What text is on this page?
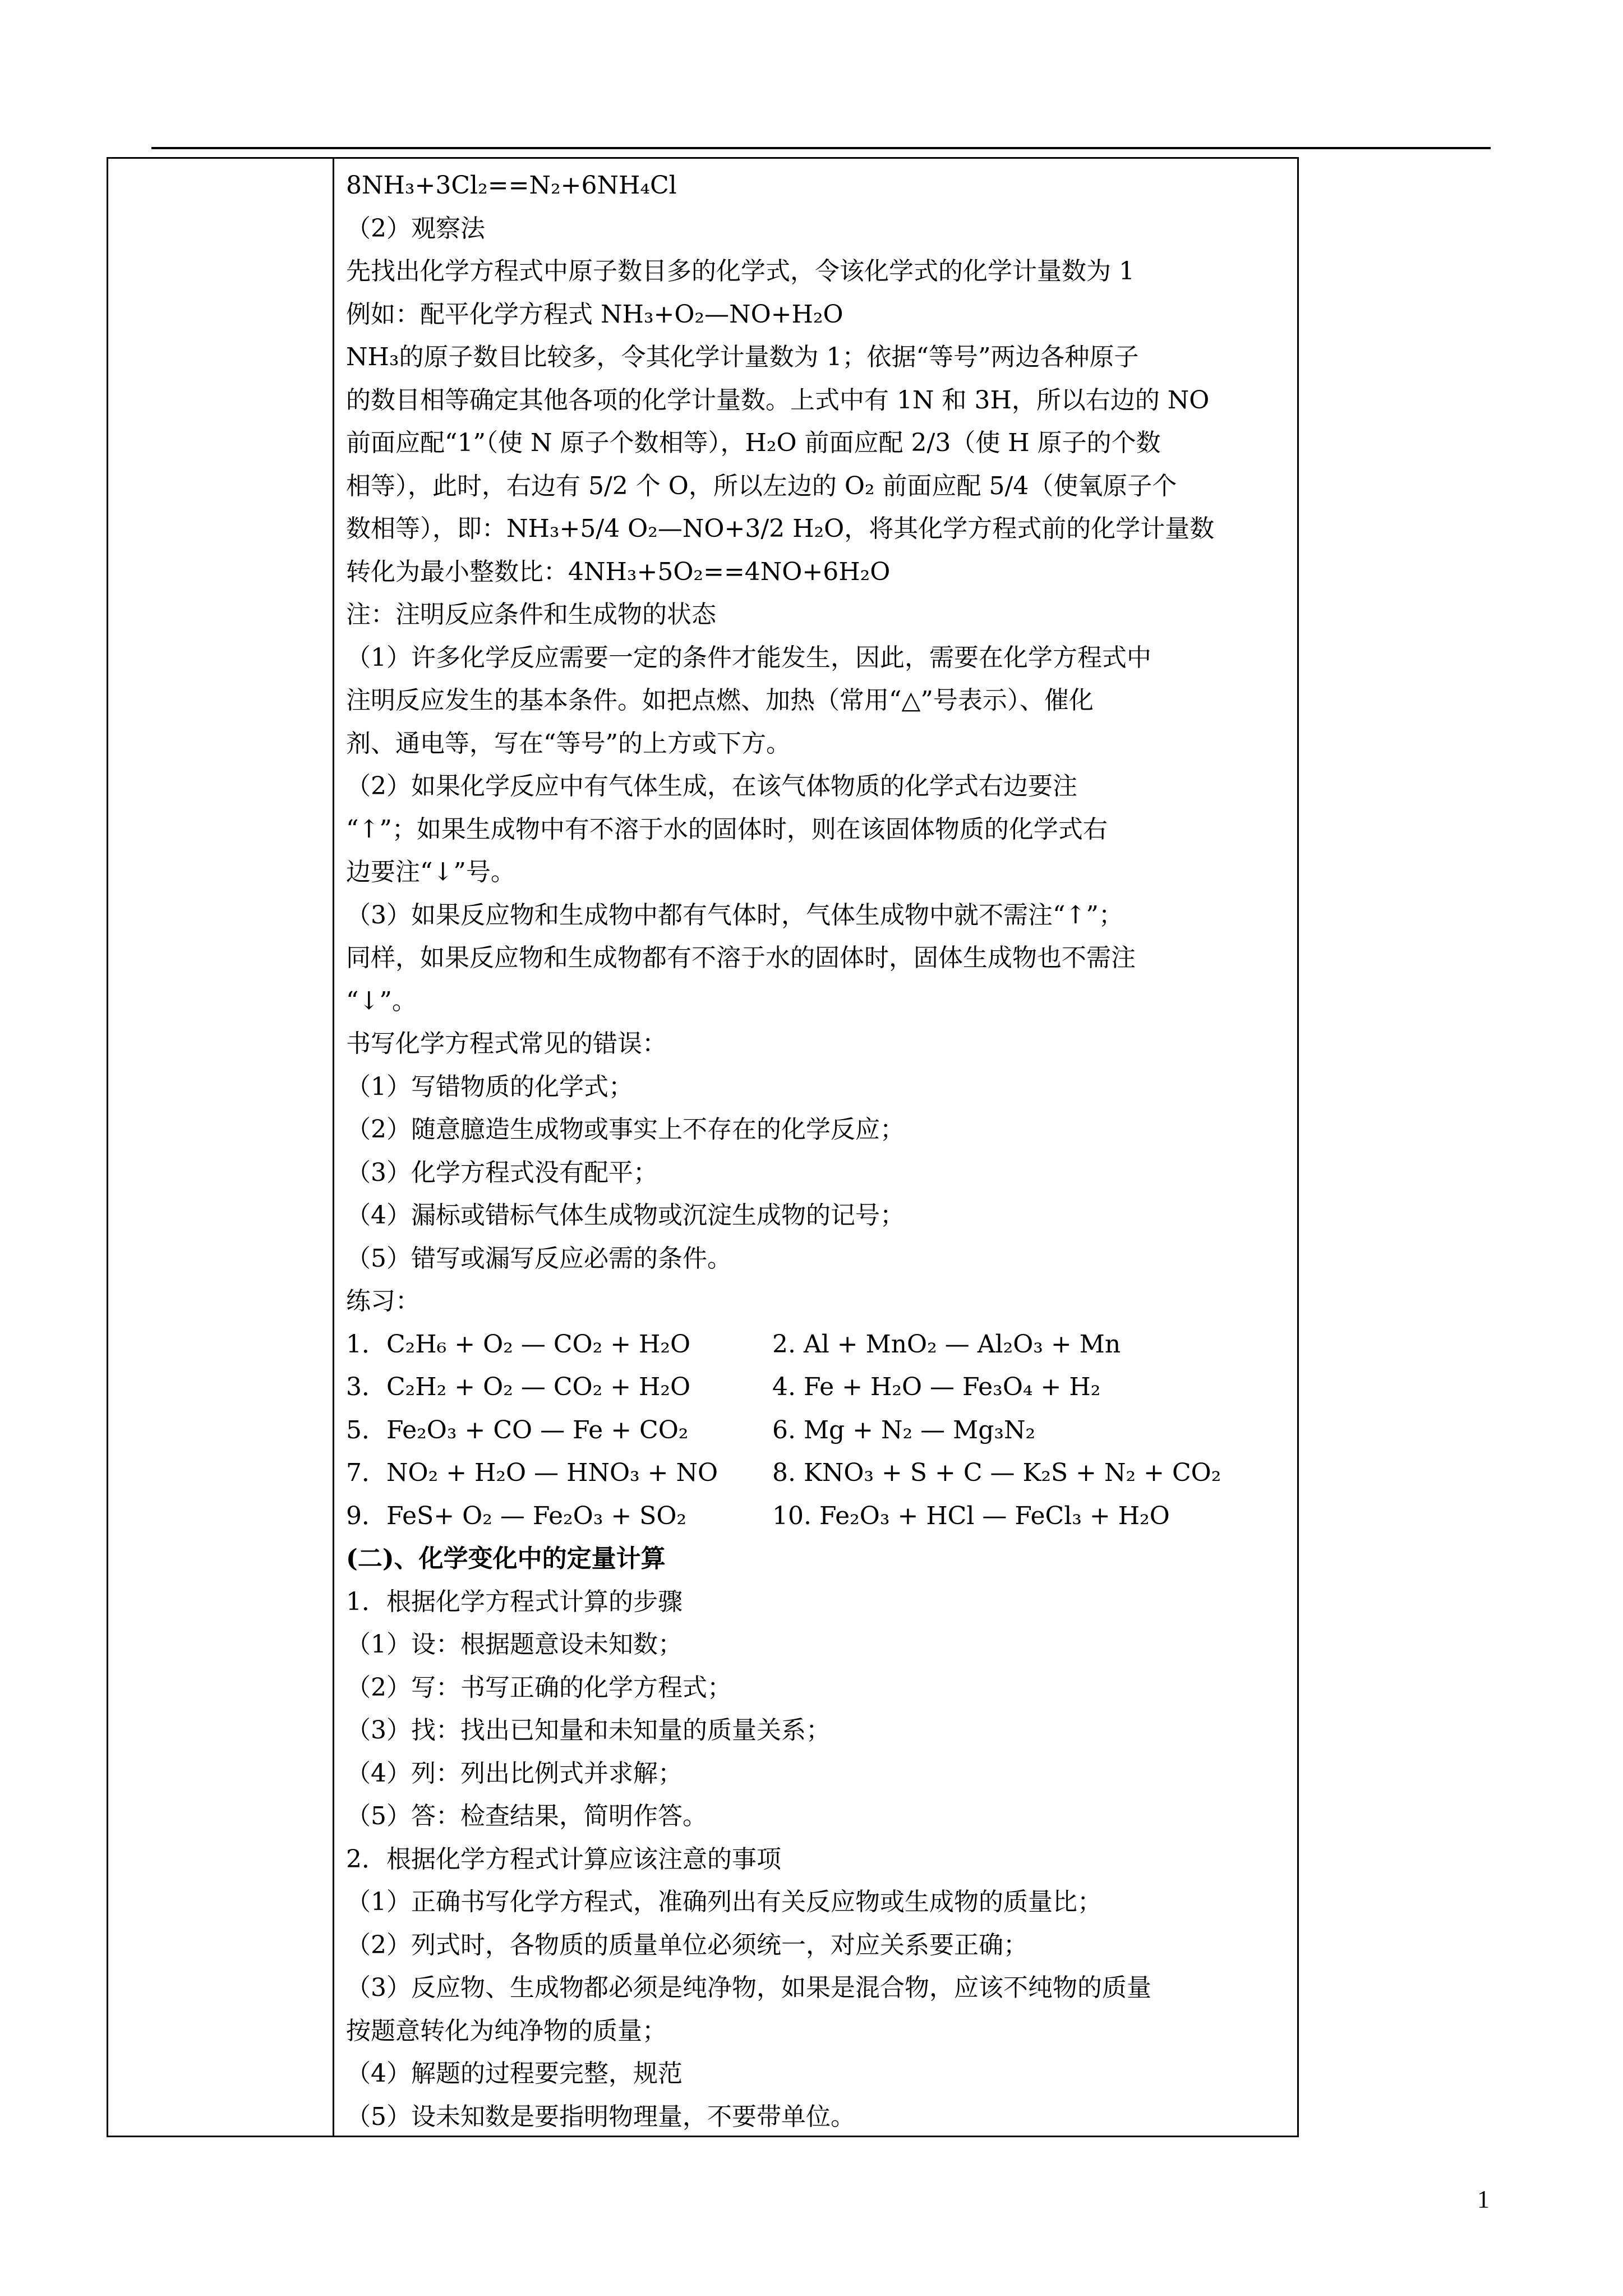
8NH₃+3Cl₂==N₂+6NH₄Cl
（2）观察法
先找出化学方程式中原子数目多的化学式，令该化学式的化学计量数为 1
例如：配平化学方程式 NH₃+O₂—NO+H₂O
NH₃的原子数目比较多，令其化学计量数为 1；依据“等号”两边各种原子
的数目相等确定其他各项的化学计量数。上式中有 1N 和 3H，所以右边的 NO
前面应配“1”（使 N 原子个数相等），H₂O 前面应配 2/3（使 H 原子的个数
相等），此时，右边有 5/2 个 O，所以左边的 O₂ 前面应配 5/4（使氧原子个
数相等），即：NH₃+5/4 O₂—NO+3/2 H₂O，将其化学方程式前的化学计量数
转化为最小整数比：4NH₃+5O₂==4NO+6H₂O
注：注明反应条件和生成物的状态
（1）许多化学反应需要一定的条件才能发生，因此，需要在化学方程式中
注明反应发生的基本条件。如把点燃、加热（常用“△”号表示）、催化
剂、通电等，写在“等号”的上方或下方。
（2）如果化学反应中有气体生成，在该气体物质的化学式右边要注
“↑”；如果生成物中有不溶于水的固体时，则在该固体物质的化学式右
边要注“↓”号。
（3）如果反应物和生成物中都有气体时，气体生成物中就不需注“↑”；
同样，如果反应物和生成物都有不溶于水的固体时，固体生成物也不需注
“↓”。
书写化学方程式常见的错误：
（1）写错物质的化学式；
（2）随意臆造生成物或事实上不存在的化学反应；
（3）化学方程式没有配平；
（4）漏标或错标气体生成物或沉淀生成物的记号；
（5）错写或漏写反应必需的条件。
练习：
1．C₂H₆ + O₂ — CO₂ + H₂O	2. Al + MnO₂ — Al₂O₃ + Mn
3．C₂H₂ + O₂ — CO₂ + H₂O	4. Fe + H₂O — Fe₃O₄ + H₂
5．Fe₂O₃ + CO — Fe + CO₂	6. Mg + N₂ — Mg₃N₂
7．NO₂ + H₂O — HNO₃ + NO 8. KNO₃ + S + C — K₂S + N₂ + CO₂
9．FeS+ O₂ — Fe₂O₃ + SO₂	10. Fe₂O₃ + HCl — FeCl₃ + H₂O
(二)、化学变化中的定量计算
1．根据化学方程式计算的步骤
（1）设：根据题意设未知数；
（2）写：书写正确的化学方程式；
（3）找：找出已知量和未知量的质量关系；
（4）列：列出比例式并求解；
（5）答：检查结果，简明作答。
2．根据化学方程式计算应该注意的事项
（1）正确书写化学方程式，准确列出有关反应物或生成物的质量比；
（2）列式时，各物质的质量单位必须统一，对应关系要正确；
（3）反应物、生成物都必须是纯净物，如果是混合物，应该不纯物的质量
按题意转化为纯净物的质量；
（4）解题的过程要完整，规范
（5）设未知数是要指明物理量，不要带单位。
1
